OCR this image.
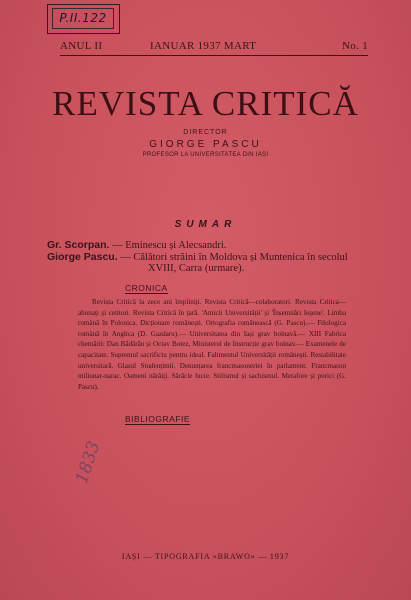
P.II.122
ANUL II	IANUAR 1937 MART	No. 1
REVISTA CRITICĂ
DIRECTOR
GIORGE PASCU
PROFESOR LA UNIVERSITATEA DIN IAȘI
SUMAR
Gr. Scorpan. — Eminescu și Alecsandri.
Giorge Pascu. — Călători străini în Moldova și Muntenica în secolul
XVIII, Carra (urmare).
CRONICA

Revista Critică la zece ani împliniți. Revista Critică—colaboratori. Revista Critica—abonați și cetitori. Revista Critică în țară. 'Amicii Universității' și 'Însemnări Ieșene'. Limba română în Polonica. Dicționare românești. Ortografia românească (G. Pascu).— Filologica română în Anglica (D. Gazdaru).— Universitatea din Iași grav bolnavă.— XIII Fabrica chemării: Dan Bădărău și Octav Botez, Ministerul de Instrucție grav bolnav.— Examenele de capacitate. Supremul sacrificiu pentru ideal. Falimentul Universității românești. Restabilitate universitară. Glasul Studențimii. Denunțarea francmasoneriei în parlament. Francmason milionar-narac. Oameni nărăiți. Sărăcie lucie. Stilismul și sachismul. Metafore și purici (G. Pascu).

BIBLIOGRAFIE
1833
IAȘI — TIPOGRAFIA «BRAWO» — 1937
